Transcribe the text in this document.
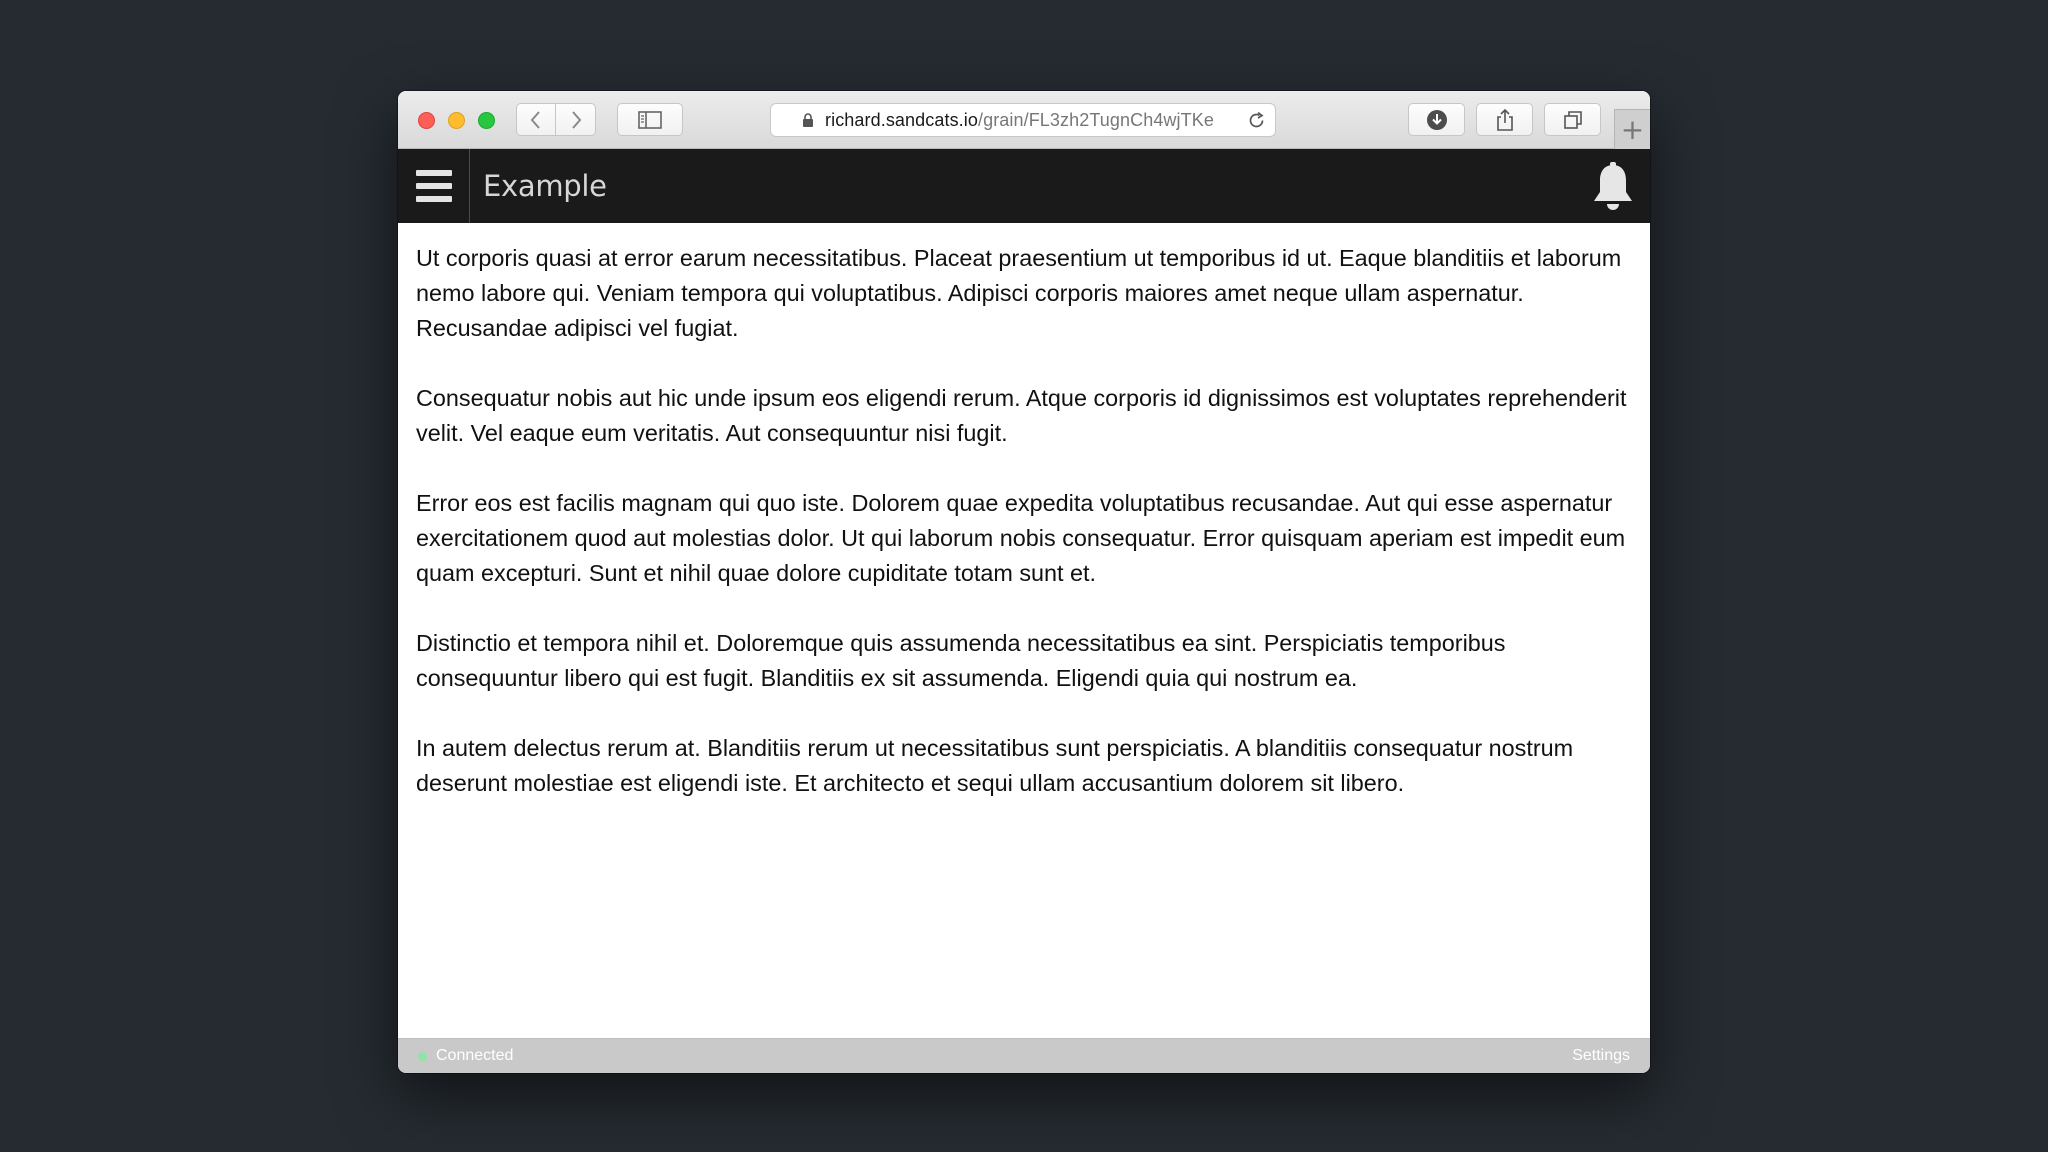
richard.sandcats.io/grain/FL3zh2TugnCh4wjTKe	+
Example

Ut corporis quasi at error earum necessitatibus. Placeat praesentium ut temporibus id ut. Eaque blanditiis et laborum nemo labore qui. Veniam tempora qui voluptatibus. Adipisci corporis maiores amet neque ullam aspernatur. Recusandae adipisci vel fugiat.

Consequatur nobis aut hic unde ipsum eos eligendi rerum. Atque corporis id dignissimos est voluptates reprehenderit velit. Vel eaque eum veritatis. Aut consequuntur nisi fugit.

Error eos est facilis magnam qui quo iste. Dolorem quae expedita voluptatibus recusandae. Aut qui esse aspernatur exercitationem quod aut molestias dolor. Ut qui laborum nobis consequatur. Error quisquam aperiam est impedit eum quam excepturi. Sunt et nihil quae dolore cupiditate totam sunt et.

Distinctio et tempora nihil et. Doloremque quis assumenda necessitatibus ea sint. Perspiciatis temporibus consequuntur libero qui est fugit. Blanditiis ex sit assumenda. Eligendi quia qui nostrum ea.

In autem delectus rerum at. Blanditiis rerum ut necessitatibus sunt perspiciatis. A blanditiis consequatur nostrum deserunt molestiae est eligendi iste. Et architecto et sequi ullam accusantium dolorem sit libero.

Connected	Settings
